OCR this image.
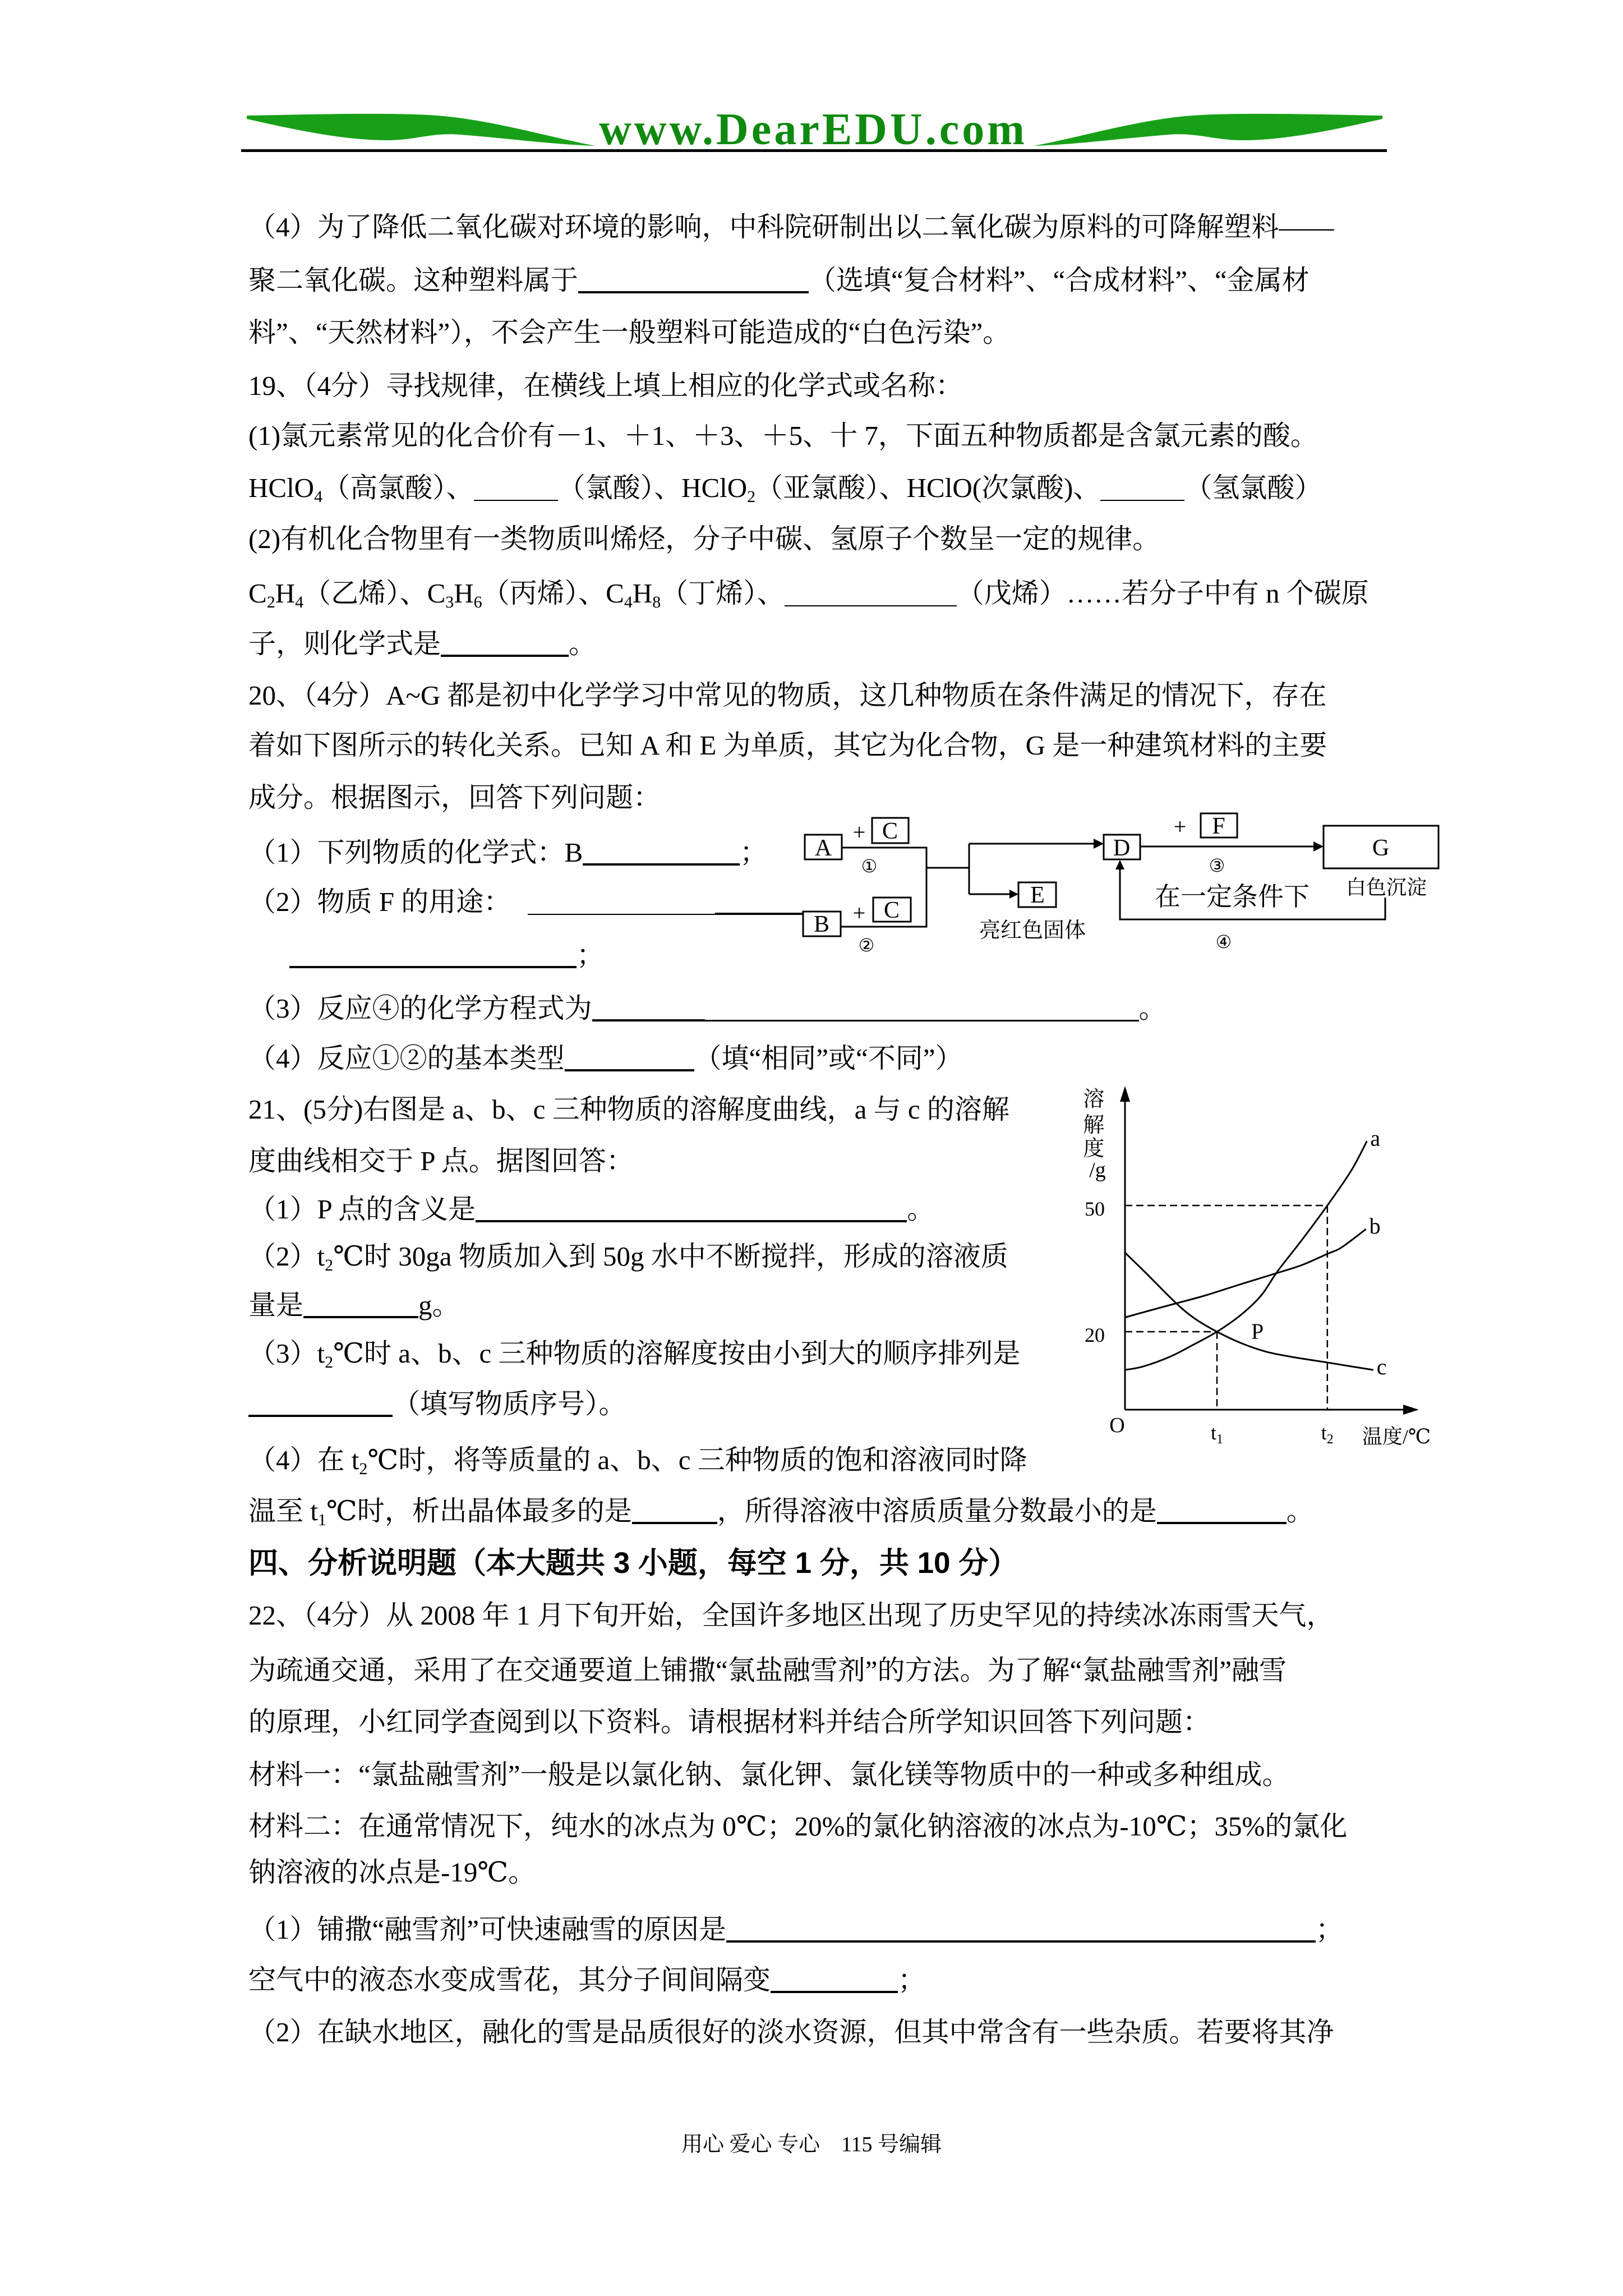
www.DearEDU.com
（4）为了降低二氧化碳对环境的影响，中科院研制出以二氧化碳为原料的可降解塑料——
聚二氧化碳。这种塑料属于	（选填“复合材料”、“合成材料”、“金属材
料”、“天然材料”），不会产生一般塑料可能造成的“白色污染”。
19、（4分）寻找规律，在横线上填上相应的化学式或名称：
(1)氯元素常见的化合价有－1、＋1、＋3、＋5、十 7，下面五种物质都是含氯元素的酸。
HClO$_4$（高氯酸）、	（氯酸）、HClO$_2$（亚氯酸）、HClO(次氯酸)、	（氢氯酸）
(2)有机化合物里有一类物质叫烯烃，分子中碳、氢原子个数呈一定的规律。
$C_2H_4$（乙烯）、$C_3H_6$（丙烯）、$C_4H_8$（丁烯）、	（戊烯）……若分子中有 n 个碳原
子，则化学式是	。
20、（4分）A~G 都是初中化学学习中常见的物质，这几种物质在条件满足的情况下，存在
着如下图所示的转化关系。已知 A 和 E 为单质，其它为化合物，G 是一种建筑材料的主要
成分。根据图示，回答下列问题：
（1）下列物质的化学式：B	；
（2）物质 F 的用途：
；
（3）反应④的化学方程式为	。
（4）反应①②的基本类型	（填“相同”或“不同”）
A
C
B
C
D
E
F
G
+
+
+
①
②
③
④
亮红色固体
白色沉淀
在一定条件下
21、(5分)右图是 a、b、c 三种物质的溶解度曲线，a 与 c 的溶解
度曲线相交于 P 点。据图回答：
（1）P 点的含义是	。
$(2)t_2℃$时 30ga 物质加入到 50g 水中不断搅拌，形成的溶液质
量是	g。
$(3)t_2℃$时 a、b、c 三种物质的溶解度按由小到大的顺序排列是
（填写物质序号）。
（4）在 $t_2℃$时，将等质量的 a、b、c 三种物质的饱和溶液同时降
温至 $t_1℃$时，析出晶体最多的是	，所得溶液中溶质质量分数最小的是	。
溶 解 度 /g
O	温度/℃
a
b
c
20
50
t1	t2
P
四、分析说明题（本大题共 3 小题，每空 1 分，共 10 分）
22、（4分）从 2008 年 1 月下旬开始，全国许多地区出现了历史罕见的持续冰冻雨雪天气，
为疏通交通，采用了在交通要道上铺撒“氯盐融雪剂”的方法。为了解“氯盐融雪剂”融雪
的原理，小红同学查阅到以下资料。请根据材料并结合所学知识回答下列问题：
材料一：“氯盐融雪剂”一般是以氯化钠、氯化钾、氯化镁等物质中的一种或多种组成。
材料二：在通常情况下，纯水的冰点为 0℃；20%的氯化钠溶液的冰点为-10℃；35%的氯化
钠溶液的冰点是-19℃。
（1）铺撒“融雪剂”可快速融雪的原因是	；
空气中的液态水变成雪花，其分子间间隔变	；
（2）在缺水地区，融化的雪是品质很好的淡水资源，但其中常含有一些杂质。若要将其净
用心 爱心 专心　115 号编辑
